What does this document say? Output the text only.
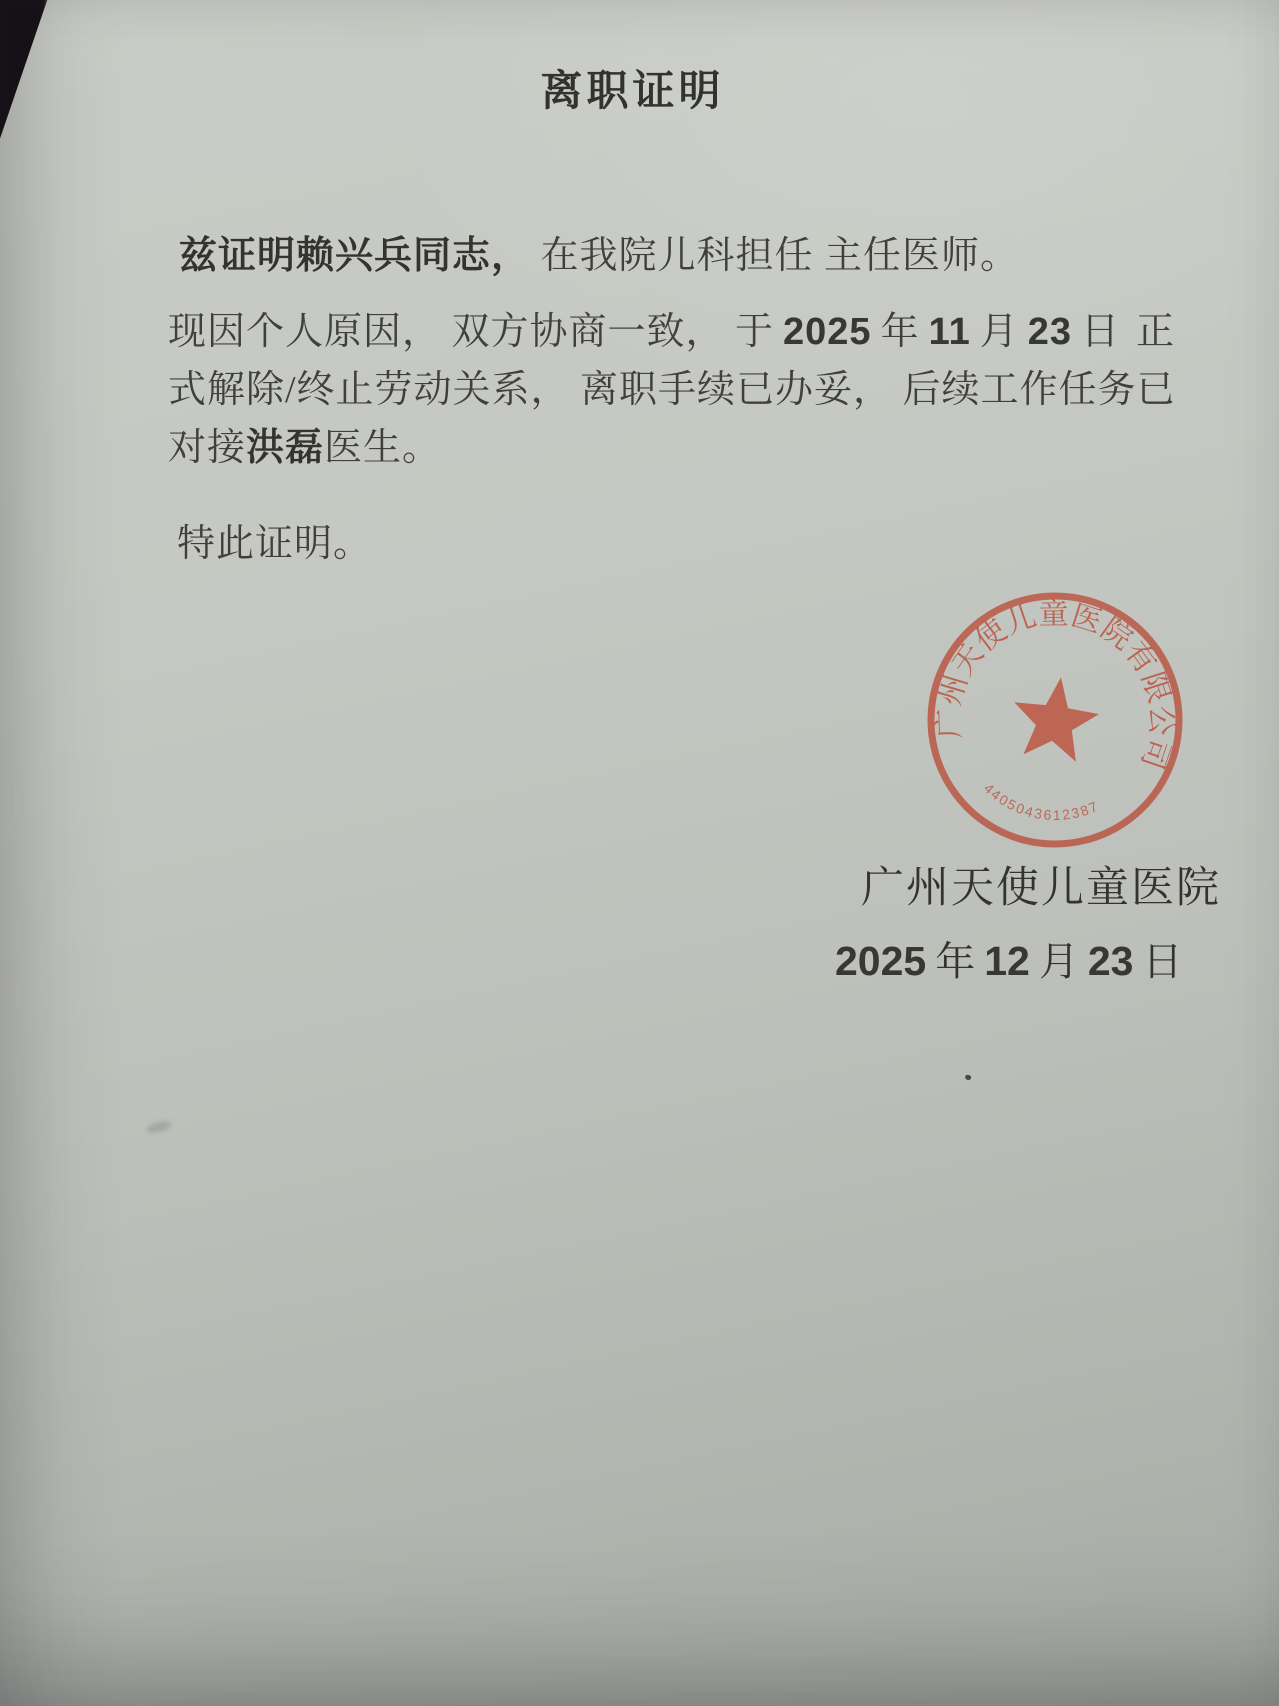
离职证明

兹证明赖兴兵同志， 在我院儿科担任 主任医师。

现因个人原因， 双方协商一致， 于 2025 年 11 月 23 日 正

式解除/终止劳动关系， 离职手续已办妥， 后续工作任务已

对接洪磊医生。

特此证明。

广州天使儿童医院有限公司
4405043612387
广州天使儿童医院
2025 年 12 月 23 日
